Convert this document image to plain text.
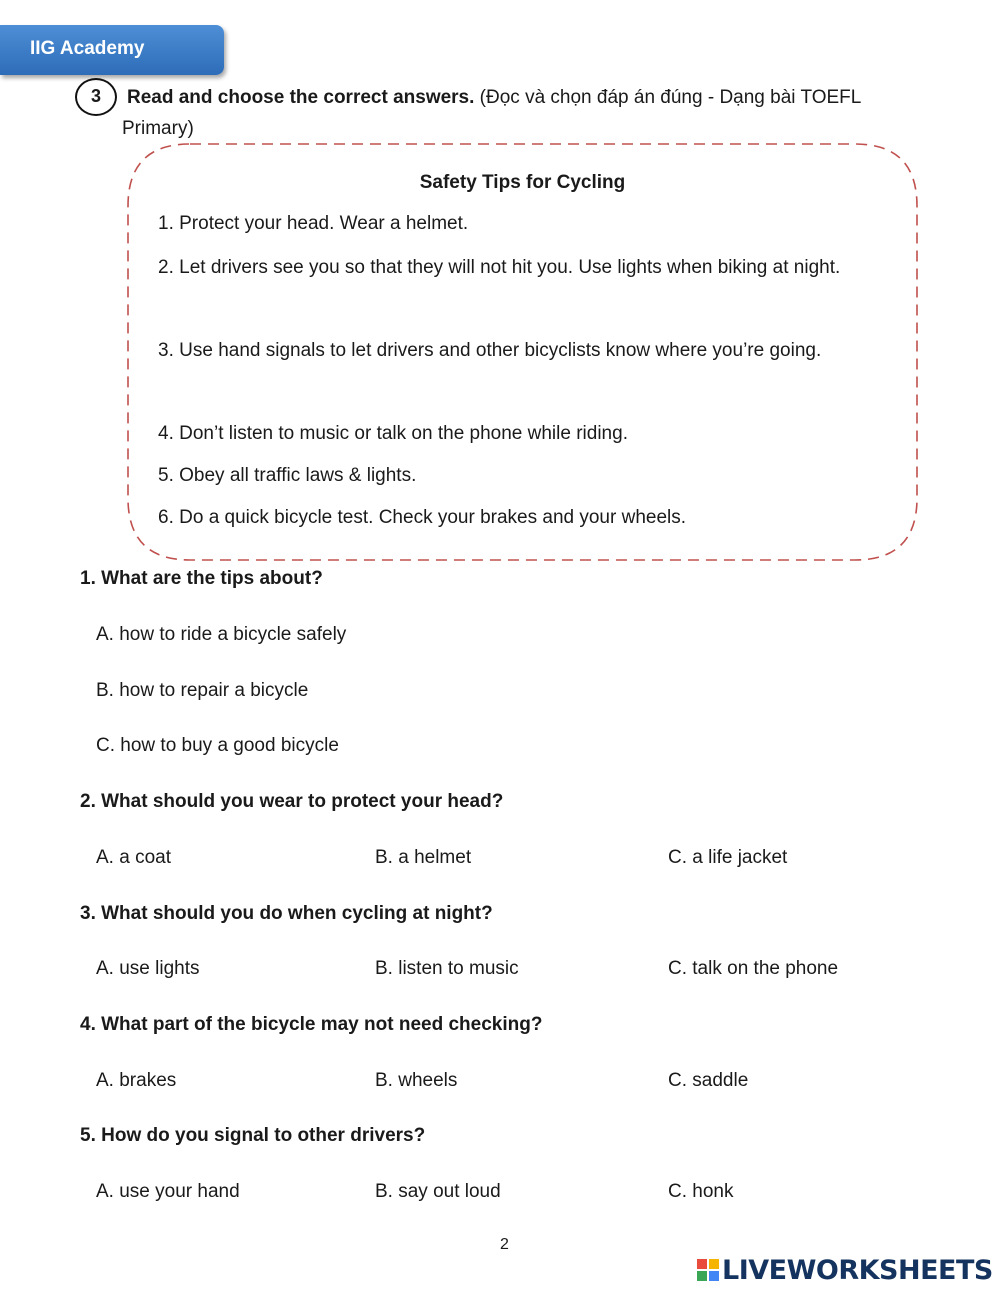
IIG Academy
3	Read and choose the correct answers. (Đọc và chọn đáp án đúng - Dạng bài TOEFL Primary)
Safety Tips for Cycling
1. Protect your head. Wear a helmet.
2. Let drivers see you so that they will not hit you. Use lights when biking at night.
3. Use hand signals to let drivers and other bicyclists know where you’re going.
4. Don’t listen to music or talk on the phone while riding.
5. Obey all traffic laws & lights.
6. Do a quick bicycle test. Check your brakes and your wheels.
1. What are the tips about?
A. how to ride a bicycle safely
B. how to repair a bicycle
C. how to buy a good bicycle
2. What should you wear to protect your head?
A. a coat	B. a helmet	C. a life jacket
3. What should you do when cycling at night?
A. use lights	B. listen to music	C. talk on the phone
4. What part of the bicycle may not need checking?
A. brakes	B. wheels	C. saddle
5. How do you signal to other drivers?
A. use your hand	B. say out loud	C. honk
2
LIVEWORKSHEETS
